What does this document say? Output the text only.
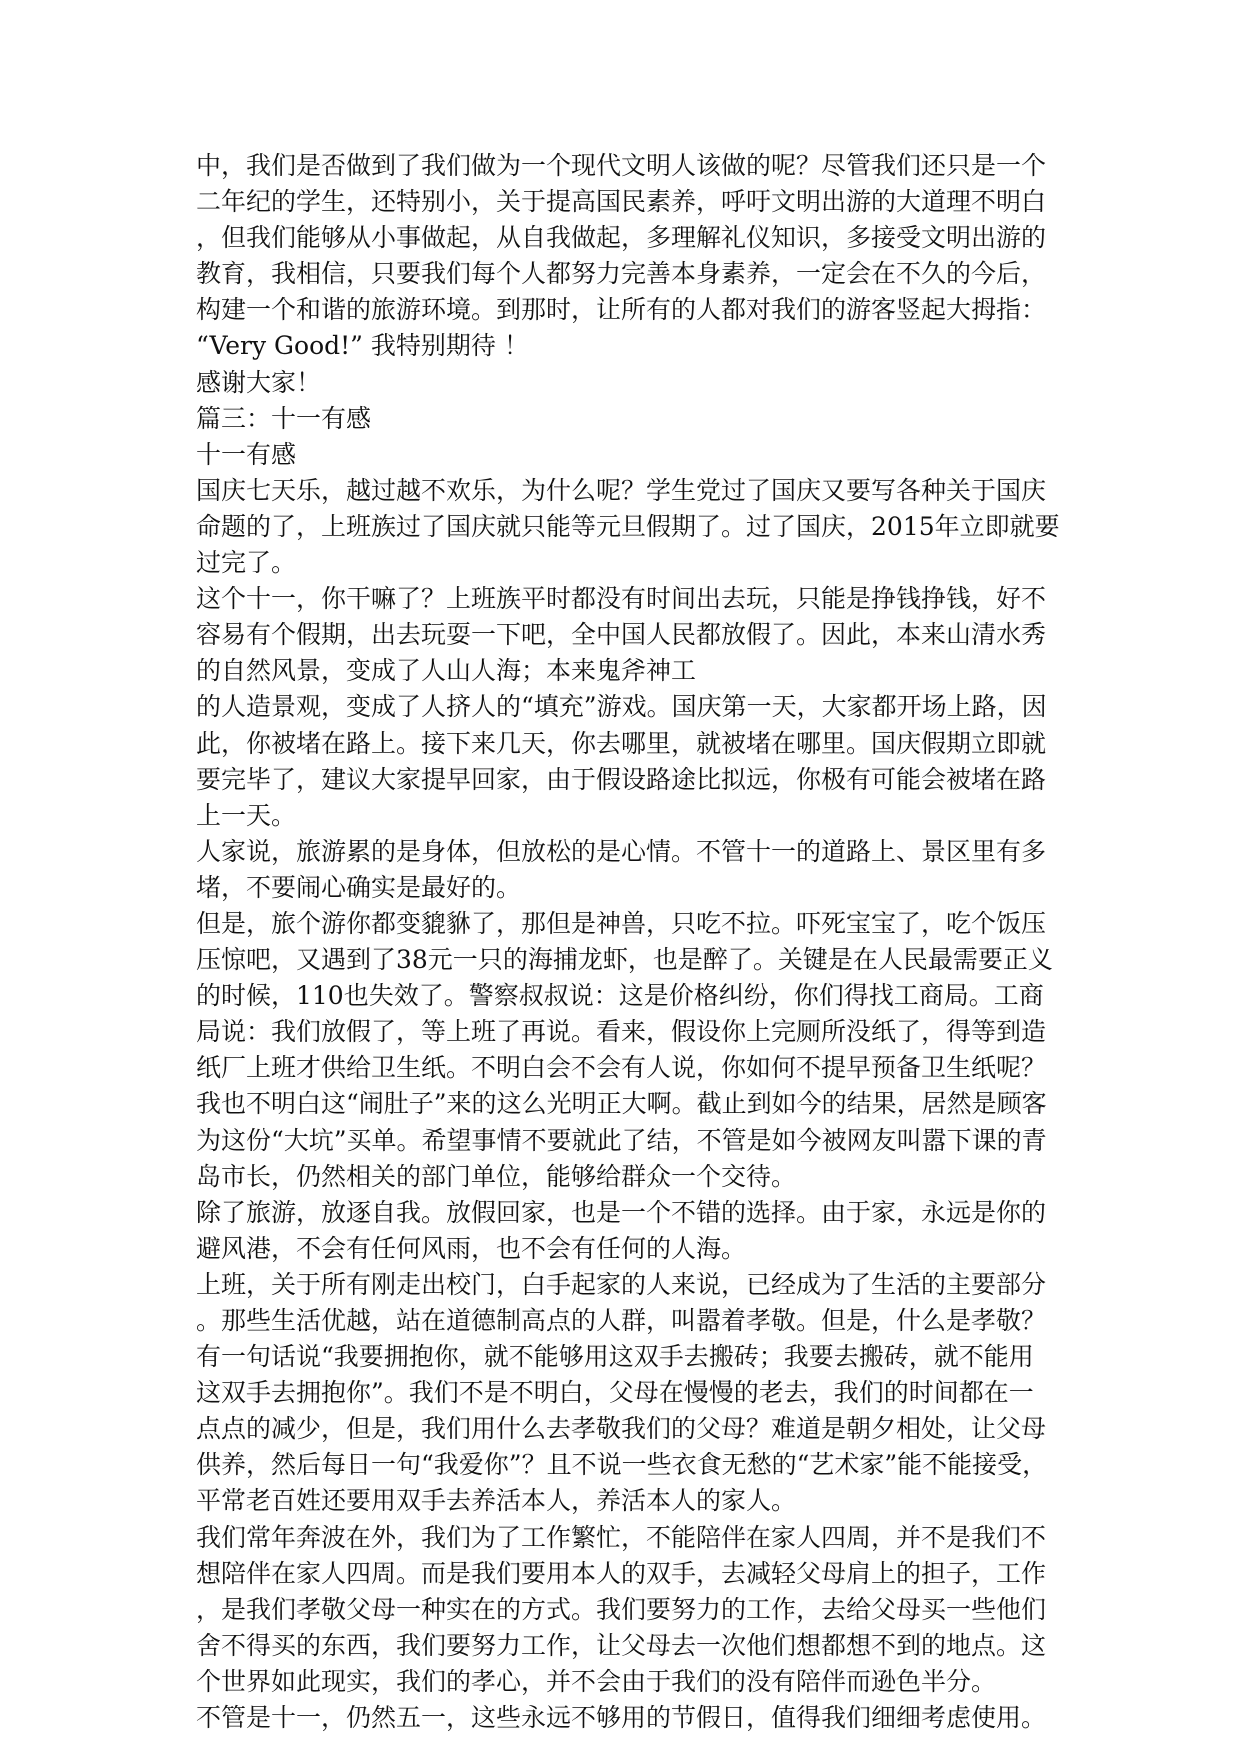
中，我们是否做到了我们做为一个现代文明人该做的呢？尽管我们还只是一个
二年纪的学生，还特别小，关于提高国民素养，呼吁文明出游的大道理不明白
，但我们能够从小事做起，从自我做起，多理解礼仪知识，多接受文明出游的
教育，我相信，只要我们每个人都努力完善本身素养，一定会在不久的今后，
构建一个和谐的旅游环境。到那时，让所有的人都对我们的游客竖起大拇指：
“Very Good!” 我特别期待 ！
感谢大家！
篇三：十一有感
十一有感
国庆七天乐，越过越不欢乐，为什么呢？学生党过了国庆又要写各种关于国庆
命题的了，上班族过了国庆就只能等元旦假期了。过了国庆，2015年立即就要
过完了。
这个十一，你干嘛了？上班族平时都没有时间出去玩，只能是挣钱挣钱，好不
容易有个假期，出去玩耍一下吧，全中国人民都放假了。因此，本来山清水秀
的自然风景，变成了人山人海；本来鬼斧神工
的人造景观，变成了人挤人的“填充”游戏。国庆第一天，大家都开场上路，因
此，你被堵在路上。接下来几天，你去哪里，就被堵在哪里。国庆假期立即就
要完毕了，建议大家提早回家，由于假设路途比拟远，你极有可能会被堵在路
上一天。
人家说，旅游累的是身体，但放松的是心情。不管十一的道路上、景区里有多
堵，不要闹心确实是最好的。
但是，旅个游你都变貔貅了，那但是神兽，只吃不拉。吓死宝宝了，吃个饭压
压惊吧，又遇到了38元一只的海捕龙虾，也是醉了。关键是在人民最需要正义
的时候，110也失效了。警察叔叔说：这是价格纠纷，你们得找工商局。工商
局说：我们放假了，等上班了再说。看来，假设你上完厕所没纸了，得等到造
纸厂上班才供给卫生纸。不明白会不会有人说，你如何不提早预备卫生纸呢？
我也不明白这“闹肚子”来的这么光明正大啊。截止到如今的结果，居然是顾客
为这份“大坑”买单。希望事情不要就此了结，不管是如今被网友叫嚣下课的青
岛市长，仍然相关的部门单位，能够给群众一个交待。
除了旅游，放逐自我。放假回家，也是一个不错的选择。由于家，永远是你的
避风港，不会有任何风雨，也不会有任何的人海。
上班，关于所有刚走出校门，白手起家的人来说，已经成为了生活的主要部分
。那些生活优越，站在道德制高点的人群，叫嚣着孝敬。但是，什么是孝敬？
有一句话说“我要拥抱你，就不能够用这双手去搬砖；我要去搬砖，就不能用
这双手去拥抱你”。我们不是不明白，父母在慢慢的老去，我们的时间都在一
点点的减少，但是，我们用什么去孝敬我们的父母？难道是朝夕相处，让父母
供养，然后每日一句“我爱你”？且不说一些衣食无愁的“艺术家”能不能接受，
平常老百姓还要用双手去养活本人，养活本人的家人。
我们常年奔波在外，我们为了工作繁忙，不能陪伴在家人四周，并不是我们不
想陪伴在家人四周。而是我们要用本人的双手，去减轻父母肩上的担子，工作
，是我们孝敬父母一种实在的方式。我们要努力的工作，去给父母买一些他们
舍不得买的东西，我们要努力工作，让父母去一次他们想都想不到的地点。这
个世界如此现实，我们的孝心，并不会由于我们的没有陪伴而逊色半分。
不管是十一，仍然五一，这些永远不够用的节假日，值得我们细细考虑使用。
